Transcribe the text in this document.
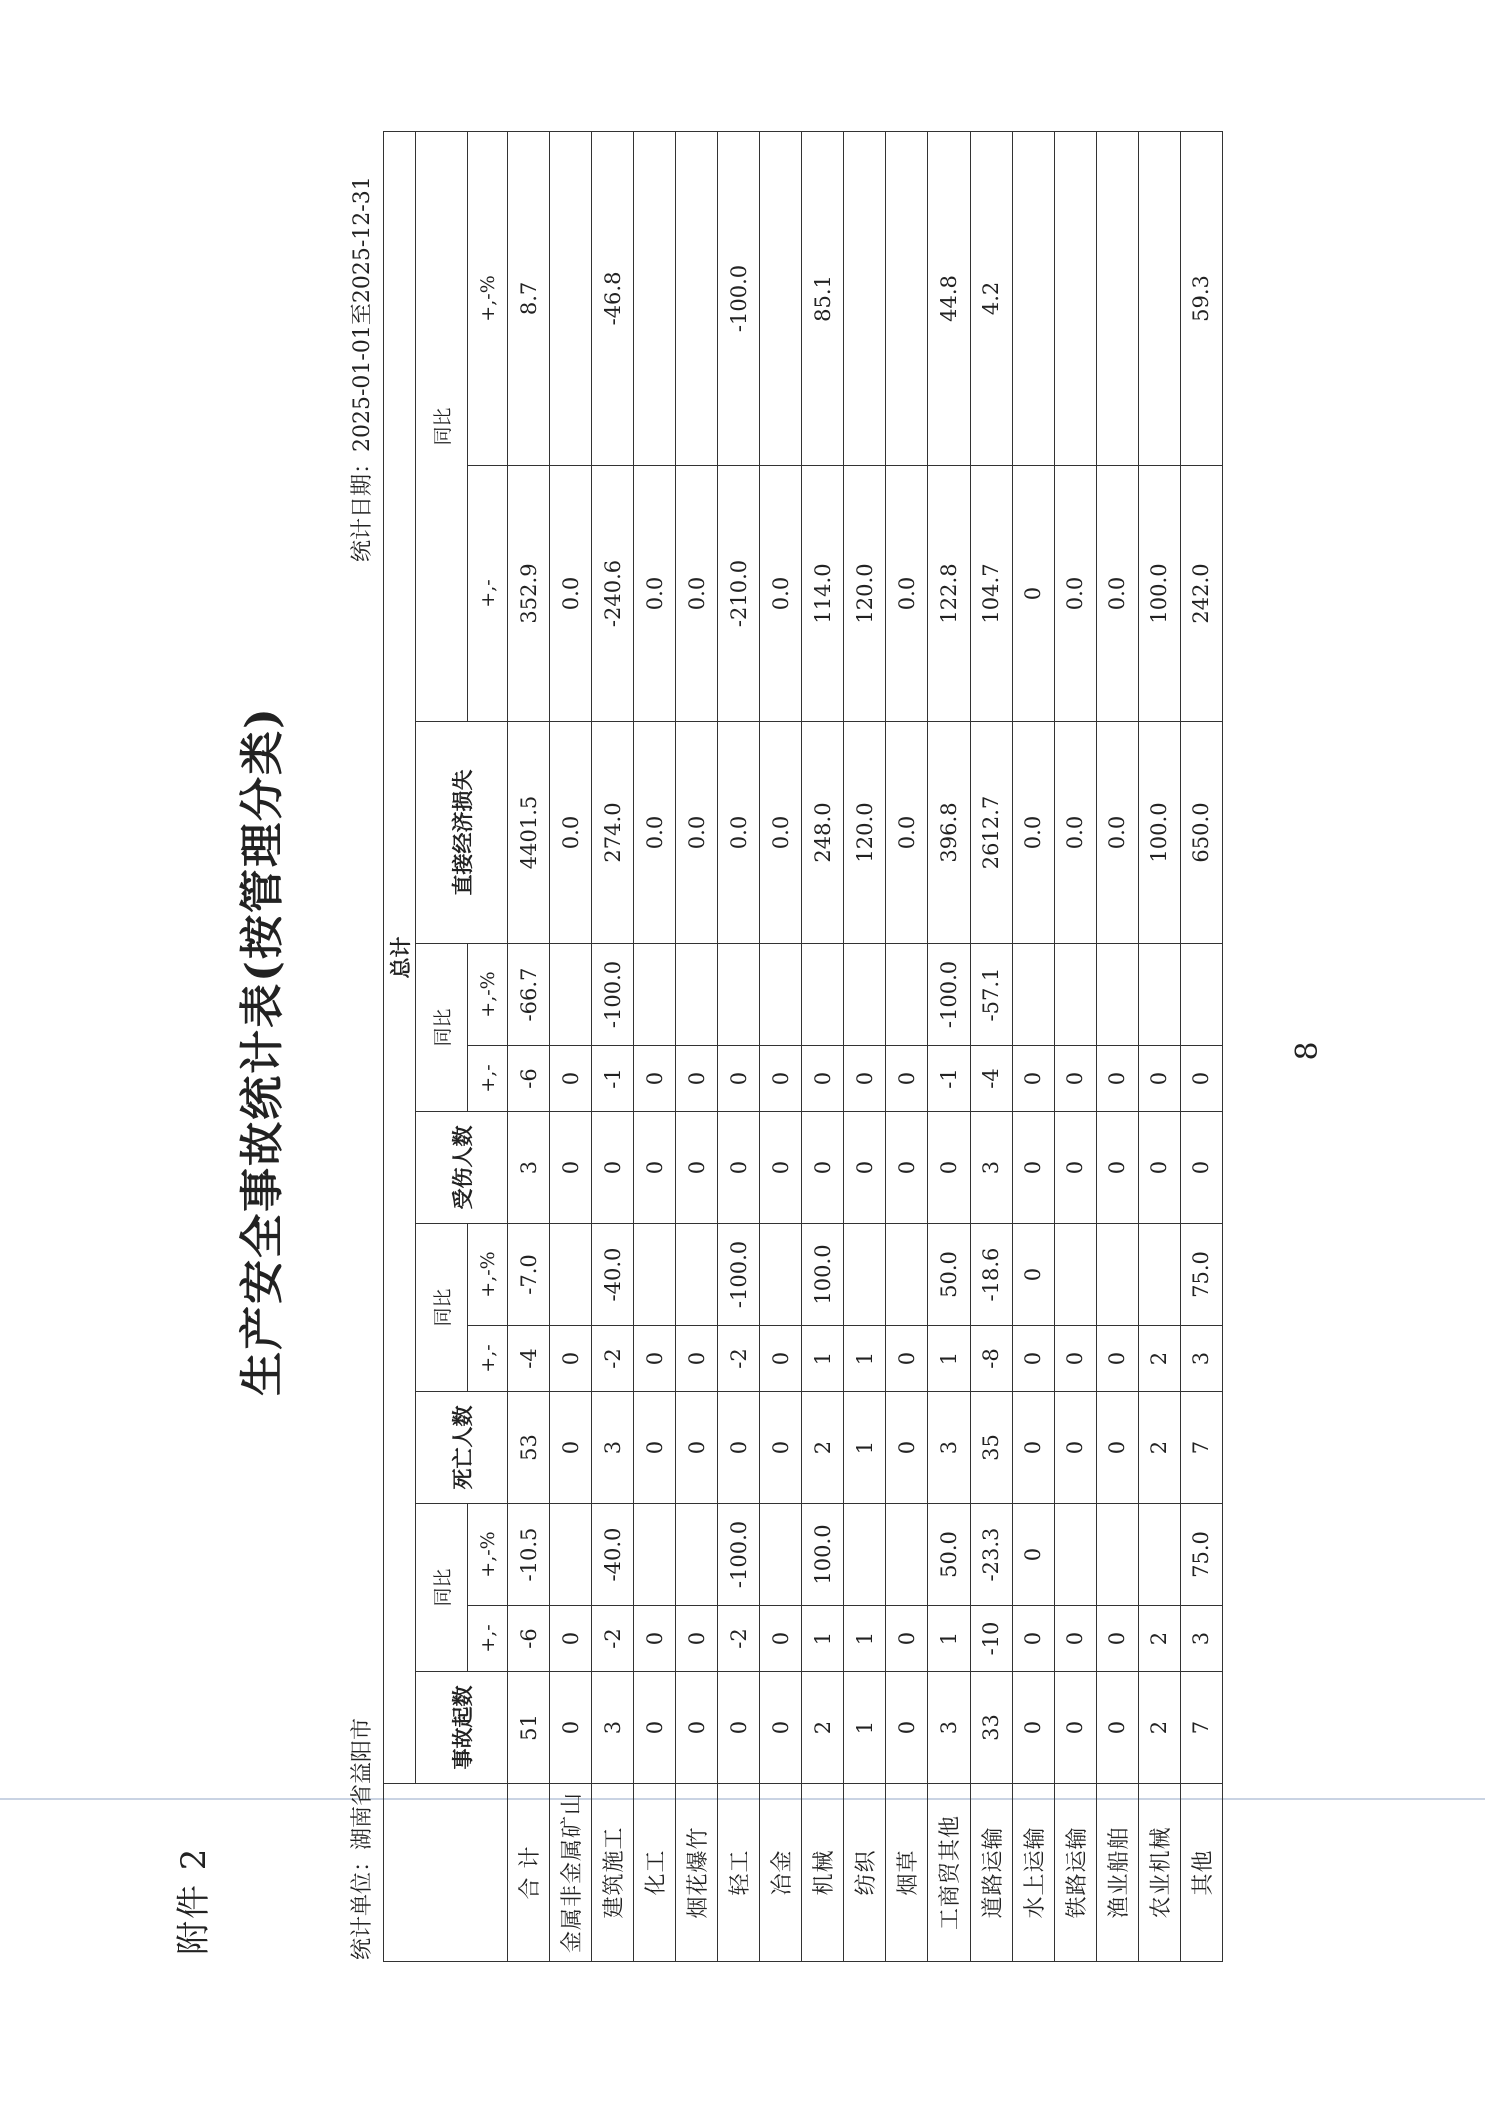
附件 2
生产安全事故统计表(按管理分类)
统计单位：湖南省益阳市
统计日期：2025-01-01至2025-12-31
	总计											
	事故起数	同比		死亡人数	同比		受伤人数	同比		直接经济损失	同比	
		+,-	+,-%		+,-	+,-%		+,-	+,-%		+,-	+,-%
合 计	51	-6	-10.5	53	-4	-7.0	3	-6	-66.7	4401.5	352.9	8.7
金属非金属矿山	0	0		0	0		0	0		0.0	0.0	
建筑施工	3	-2	-40.0	3	-2	-40.0	0	-1	-100.0	274.0	-240.6	-46.8
化工	0	0		0	0		0	0		0.0	0.0	
烟花爆竹	0	0		0	0		0	0		0.0	0.0	
轻工	0	-2	-100.0	0	-2	-100.0	0	0		0.0	-210.0	-100.0
冶金	0	0		0	0		0	0		0.0	0.0	
机械	2	1	100.0	2	1	100.0	0	0		248.0	114.0	85.1
纺织	1	1		1	1		0	0		120.0	120.0	
烟草	0	0		0	0		0	0		0.0	0.0	
工商贸其他	3	1	50.0	3	1	50.0	0	-1	-100.0	396.8	122.8	44.8
道路运输	33	-10	-23.3	35	-8	-18.6	3	-4	-57.1	2612.7	104.7	4.2
水上运输	0	0	0	0	0	0	0	0		0.0	0	
铁路运输	0	0		0	0		0	0		0.0	0.0	
渔业船舶	0	0		0	0		0	0		0.0	0.0	
农业机械	2	2		2	2		0	0		100.0	100.0	
其他	7	3	75.0	7	3	75.0	0	0		650.0	242.0	59.3
8
